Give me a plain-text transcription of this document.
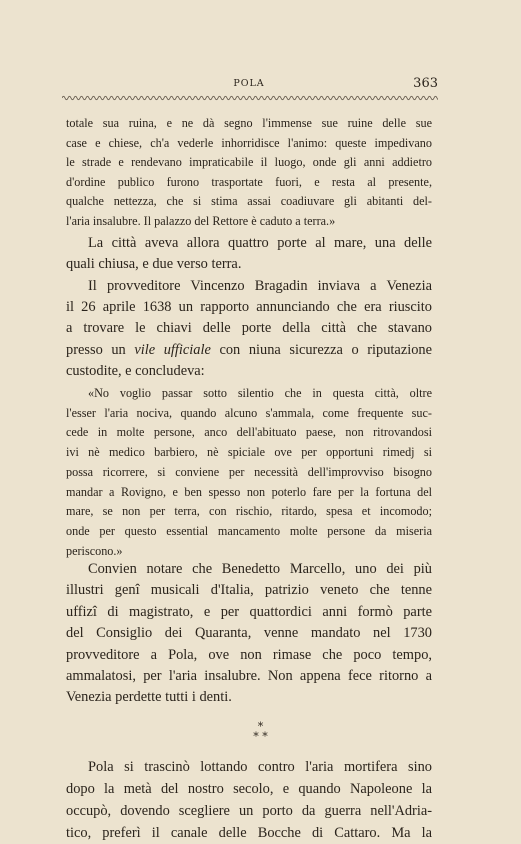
POLA	363
totale sua ruina, e ne dà segno l'immense sue ruine delle sue
case e chiese, ch'a vederle inhorridisce l'animo: queste impedivano
le strade e rendevano impraticabile il luogo, onde gli anni addietro
d'ordine publico furono trasportate fuori, e resta al presente,
qualche nettezza, che si stima assai coadiuvare gli abitanti del-
l'aria insalubre. Il palazzo del Rettore è caduto a terra.»
La città aveva allora quattro porte al mare, una delle
quali chiusa, e due verso terra.
Il provveditore Vincenzo Bragadin inviava a Venezia
il 26 aprile 1638 un rapporto annunciando che era riuscito
a trovare le chiavi delle porte della città che stavano
presso un vile ufficiale con niuna sicurezza o riputazione
custodite, e concludeva:
«No voglio passar sotto silentio che in questa città, oltre
l'esser l'aria nociva, quando alcuno s'ammala, come frequente suc-
cede in molte persone, anco dell'abituato paese, non ritrovandosi
ivi nè medico barbiero, nè spiciale ove per opportuni rimedj si
possa ricorrere, si conviene per necessità dell'improvviso bisogno
mandar a Rovigno, e ben spesso non poterlo fare per la fortuna del
mare, se non per terra, con rischio, ritardo, spesa et incomodo;
onde per questo essential mancamento molte persone da miseria
periscono.»
Convien notare che Benedetto Marcello, uno dei più
illustri genî musicali d'Italia, patrizio veneto che tenne
uffizî di magistrato, e per quattordici anni formò parte
del Consiglio dei Quaranta, venne mandato nel 1730
provveditore a Pola, ove non rimase che poco tempo,
ammalatosi, per l'aria insalubre. Non appena fece ritorno a
Venezia perdette tutti i denti.
*
* *
Pola si trascinò lottando contro l'aria mortifera sino
dopo la metà del nostro secolo, e quando Napoleone la
occupò, dovendo scegliere un porto da guerra nell'Adria-
tico, preferì il canale delle Bocche di Cattaro. Ma la
